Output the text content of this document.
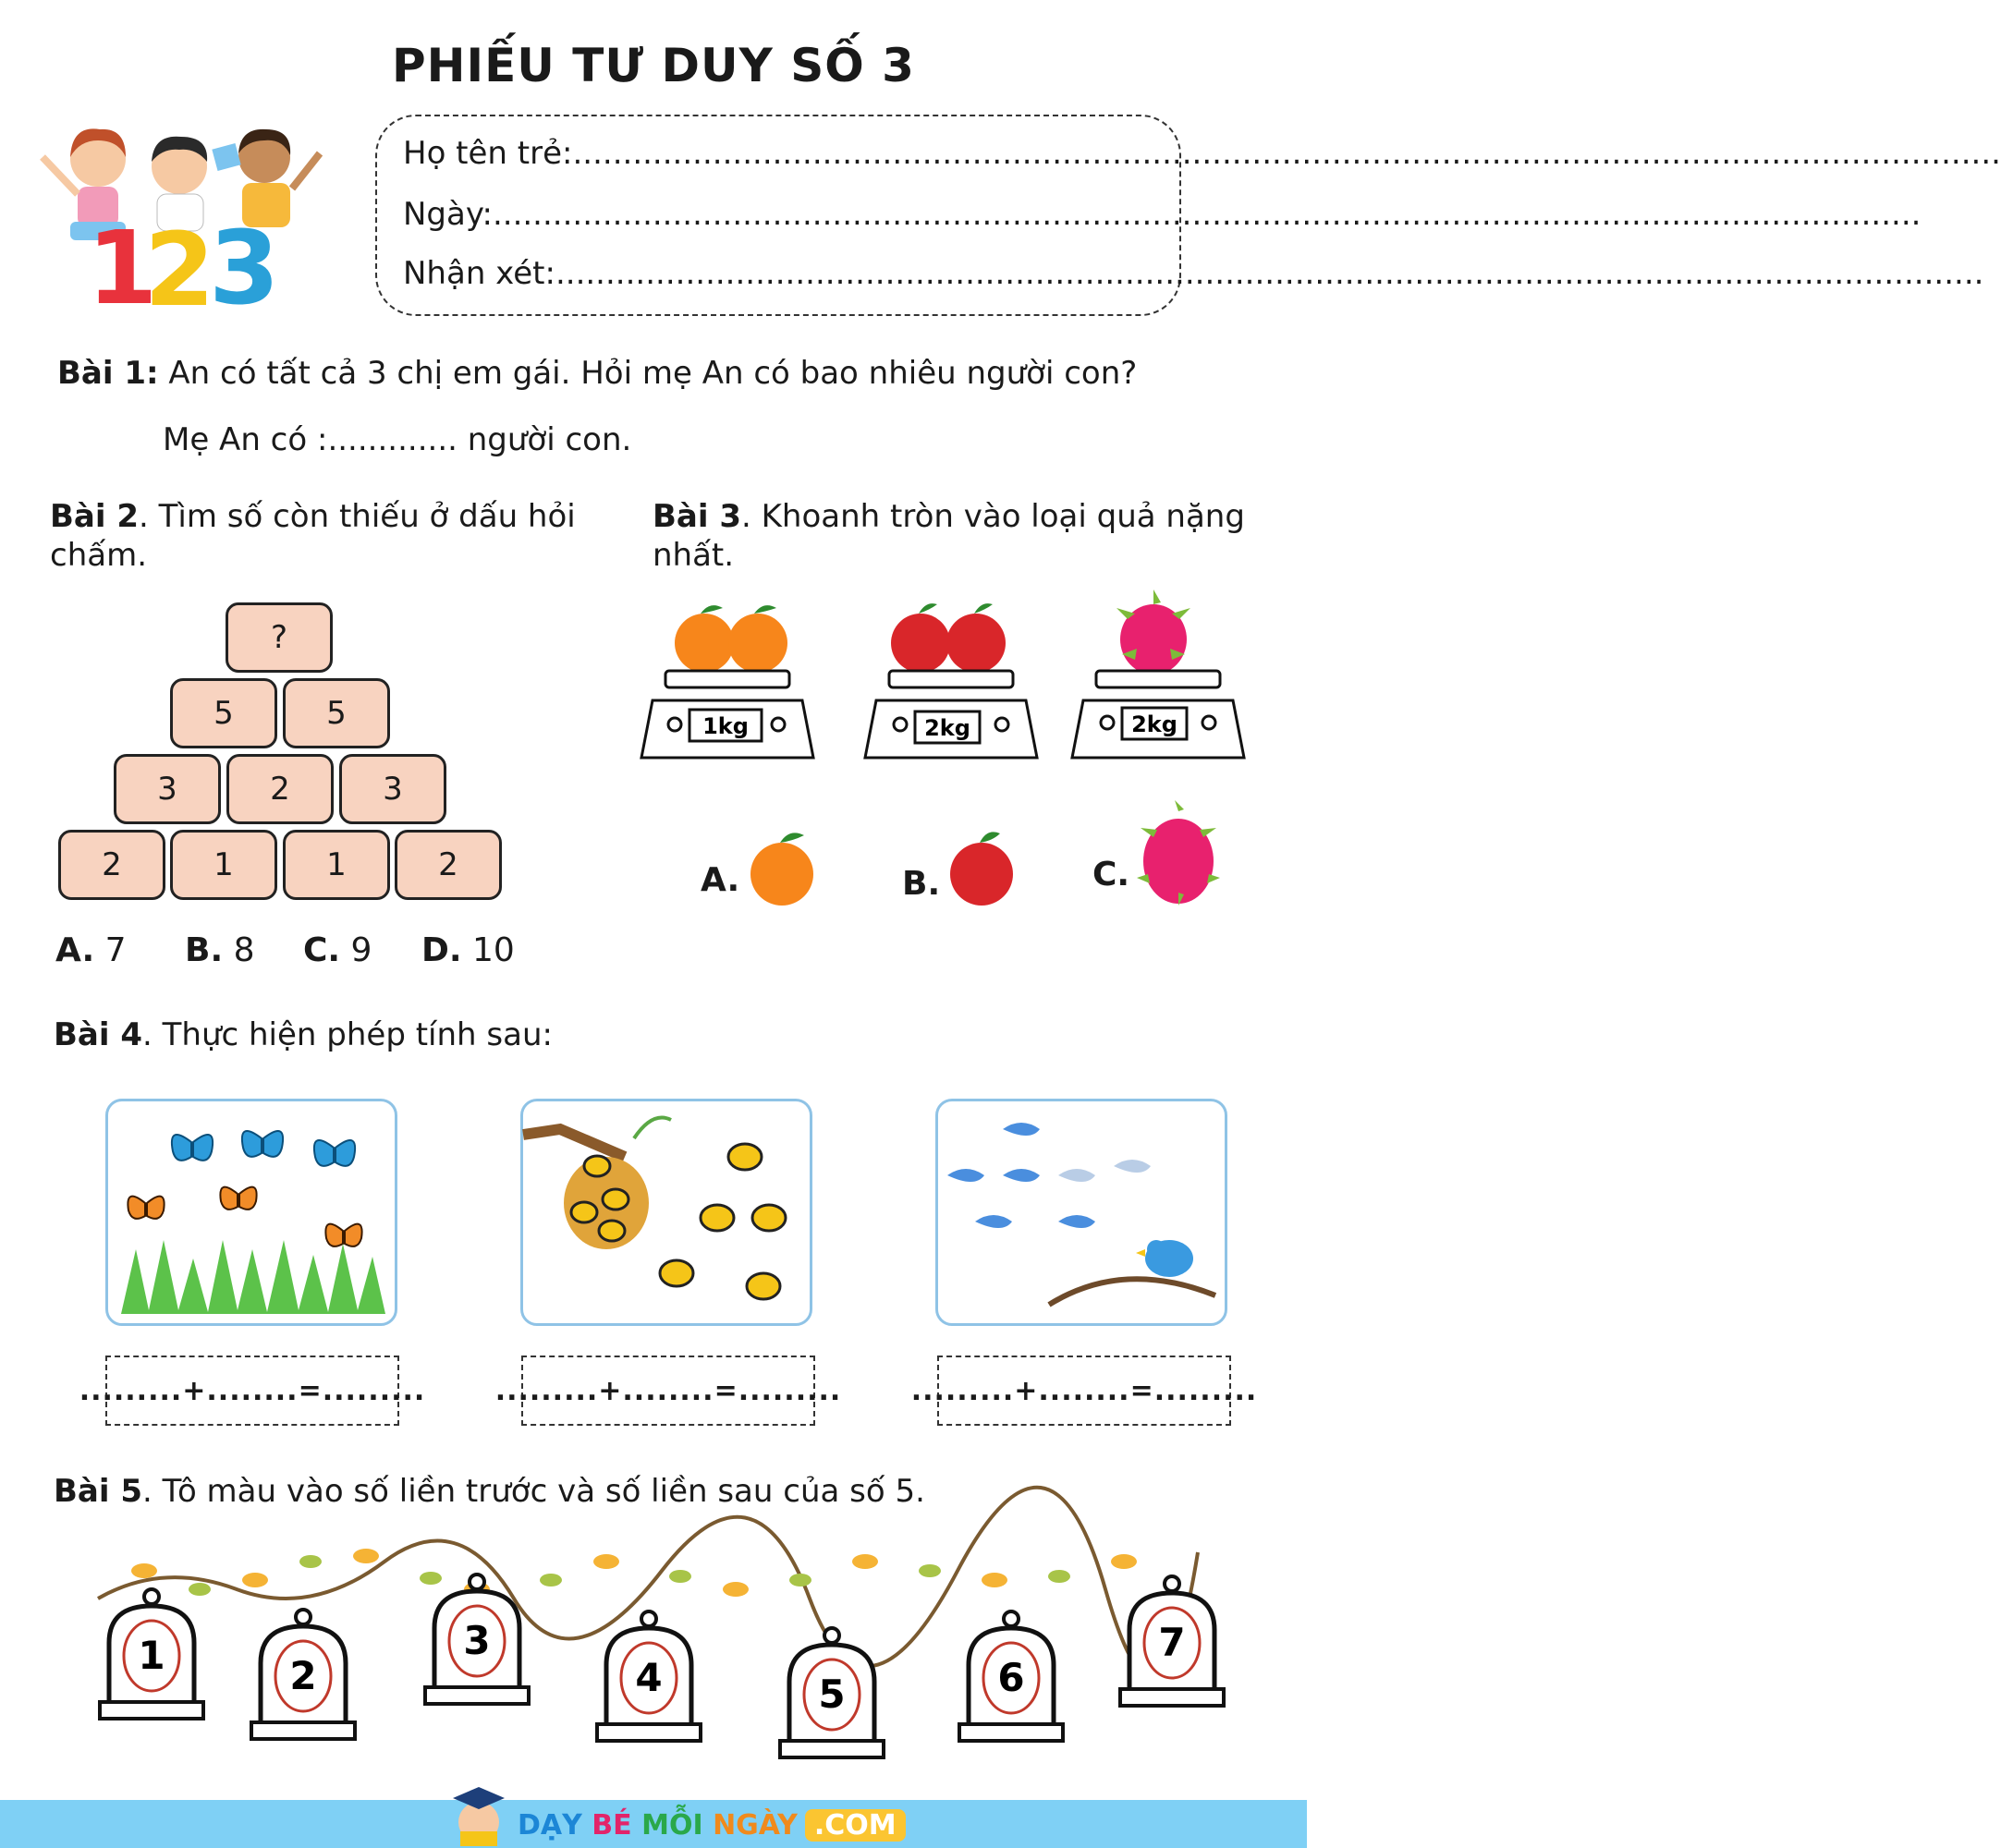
PHIẾU TƯ DUY SỐ 3
1
2
3
Họ tên trẻ:...............................................................................................................................................
Ngày:...............................................................................................................................................
Nhận xét:...............................................................................................................................................
Bài 1: An có tất cả 3 chị em gái. Hỏi mẹ An có bao nhiêu người con?
Mẹ An có :............. người con.
Bài 2. Tìm số còn thiếu ở dấu hỏi chấm.
?
5	5
3	2	3
2	1	1	2
A. 7 B. 8 C. 9 D. 10
Bài 3. Khoanh tròn vào loại quả nặng nhất.
1kg	2kg	2kg
A.	B.	C.
Bài 4. Thực hiện phép tính sau:
.........+........=.........	.........+........=.........	.........+........=.........
Bài 5. Tô màu vào số liền trước và số liền sau của số 5.
1	2
3
4	5	6
7
DẠY BÉ MỖI NGÀY .COM
